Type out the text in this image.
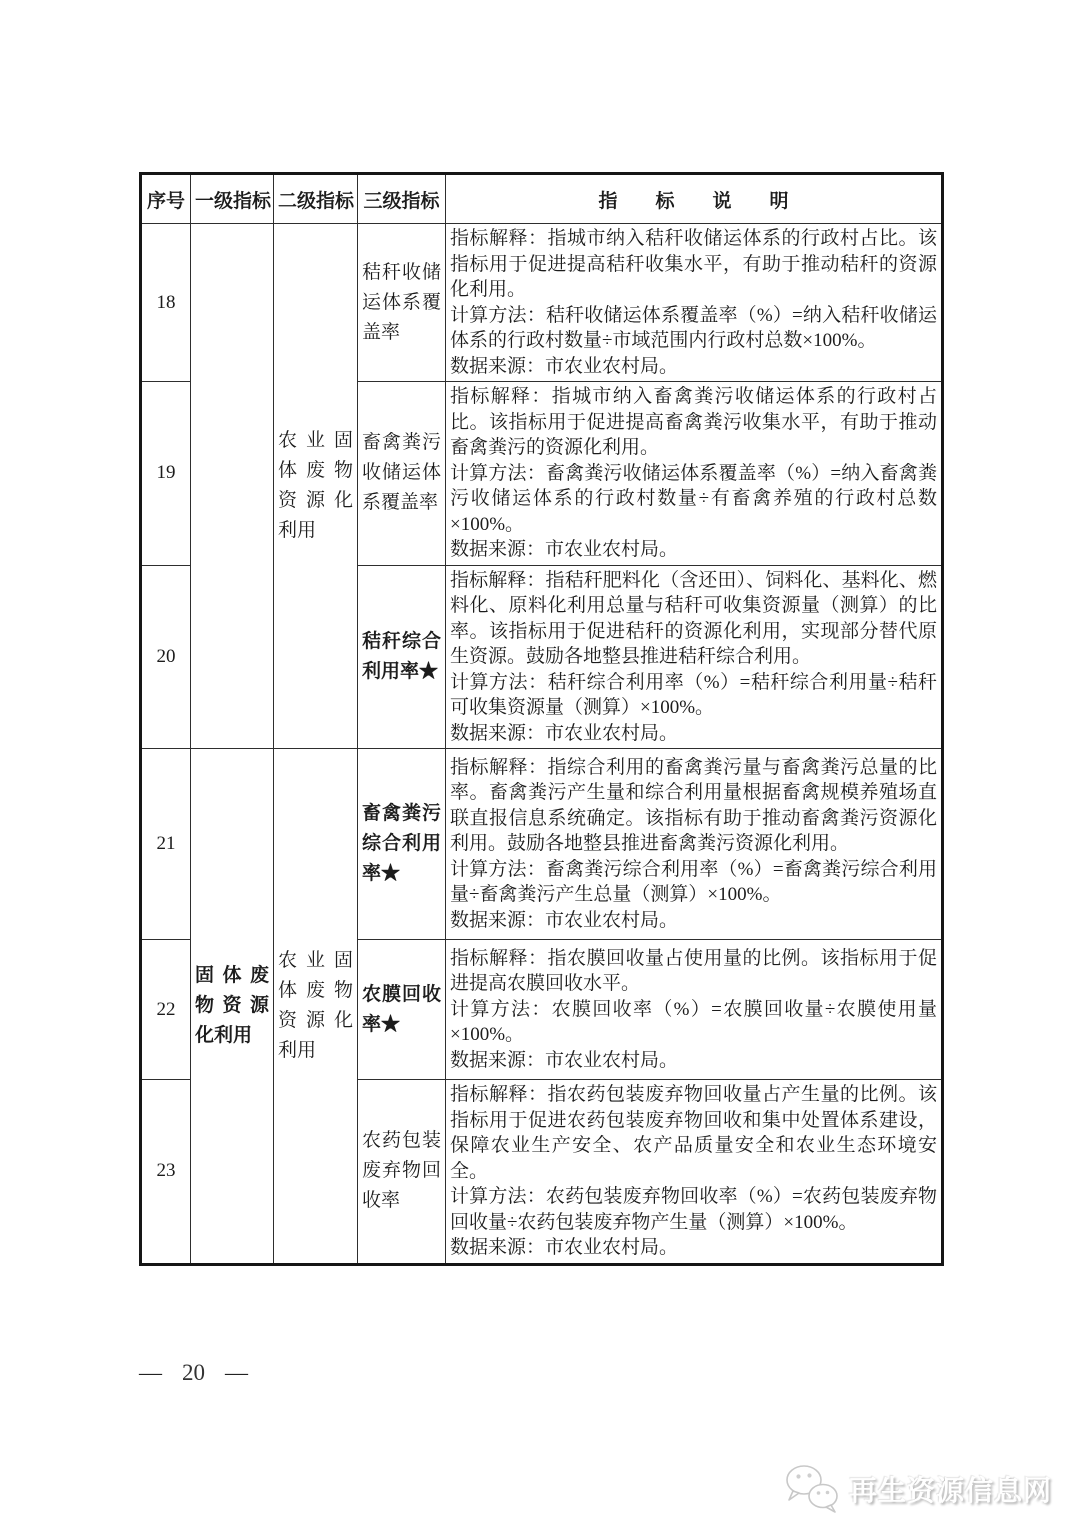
序号	一级指标	二级指标	三级指标	指　　标　　说　　明
18		农业固体废物资源化利用	秸秆收储运体系覆盖率	指标解释：指城市纳入秸秆收储运体系的行政村占比。该指标用于促进提高秸秆收集水平，有助于推动秸秆的资源化利用。

计算方法：秸秆收储运体系覆盖率（%）=纳入秸秆收储运体系的行政村数量÷市域范围内行政村总数×100%。

数据来源：市农业农村局。

19			畜禽粪污收储运体系覆盖率	指标解释：指城市纳入畜禽粪污收储运体系的行政村占比。该指标用于促进提高畜禽粪污收集水平，有助于推动畜禽粪污的资源化利用。

计算方法：畜禽粪污收储运体系覆盖率（%）=纳入畜禽粪污收储运体系的行政村数量÷有畜禽养殖的行政村总数×100%。

数据来源：市农业农村局。

20			秸秆综合利用率★	指标解释：指秸秆肥料化（含还田）、饲料化、基料化、燃料化、原料化利用总量与秸秆可收集资源量（测算）的比率。该指标用于促进秸秆的资源化利用，实现部分替代原生资源。鼓励各地整县推进秸秆综合利用。

计算方法：秸秆综合利用率（%）=秸秆综合利用量÷秸秆可收集资源量（测算）×100%。

数据来源：市农业农村局。

21	固体废物资源化利用	农业固体废物资源化利用	畜禽粪污综合利用率★	指标解释：指综合利用的畜禽粪污量与畜禽粪污总量的比率。畜禽粪污产生量和综合利用量根据畜禽规模养殖场直联直报信息系统确定。该指标有助于推动畜禽粪污资源化利用。鼓励各地整县推进畜禽粪污资源化利用。

计算方法：畜禽粪污综合利用率（%）=畜禽粪污综合利用量÷畜禽粪污产生总量（测算）×100%。

数据来源：市农业农村局。

22			农膜回收率★	指标解释：指农膜回收量占使用量的比例。该指标用于促进提高农膜回收水平。

计算方法：农膜回收率（%）=农膜回收量÷农膜使用量×100%。

数据来源：市农业农村局。

23			农药包装废弃物回收率	指标解释：指农药包装废弃物回收量占产生量的比例。该指标用于促进农药包装废弃物回收和集中处置体系建设，保障农业生产安全、农产品质量安全和农业生态环境安全。

计算方法：农药包装废弃物回收率（%）=农药包装废弃物回收量÷农药包装废弃物产生量（测算）×100%。

数据来源：市农业农村局。

— 20 —
再生资源信息网
